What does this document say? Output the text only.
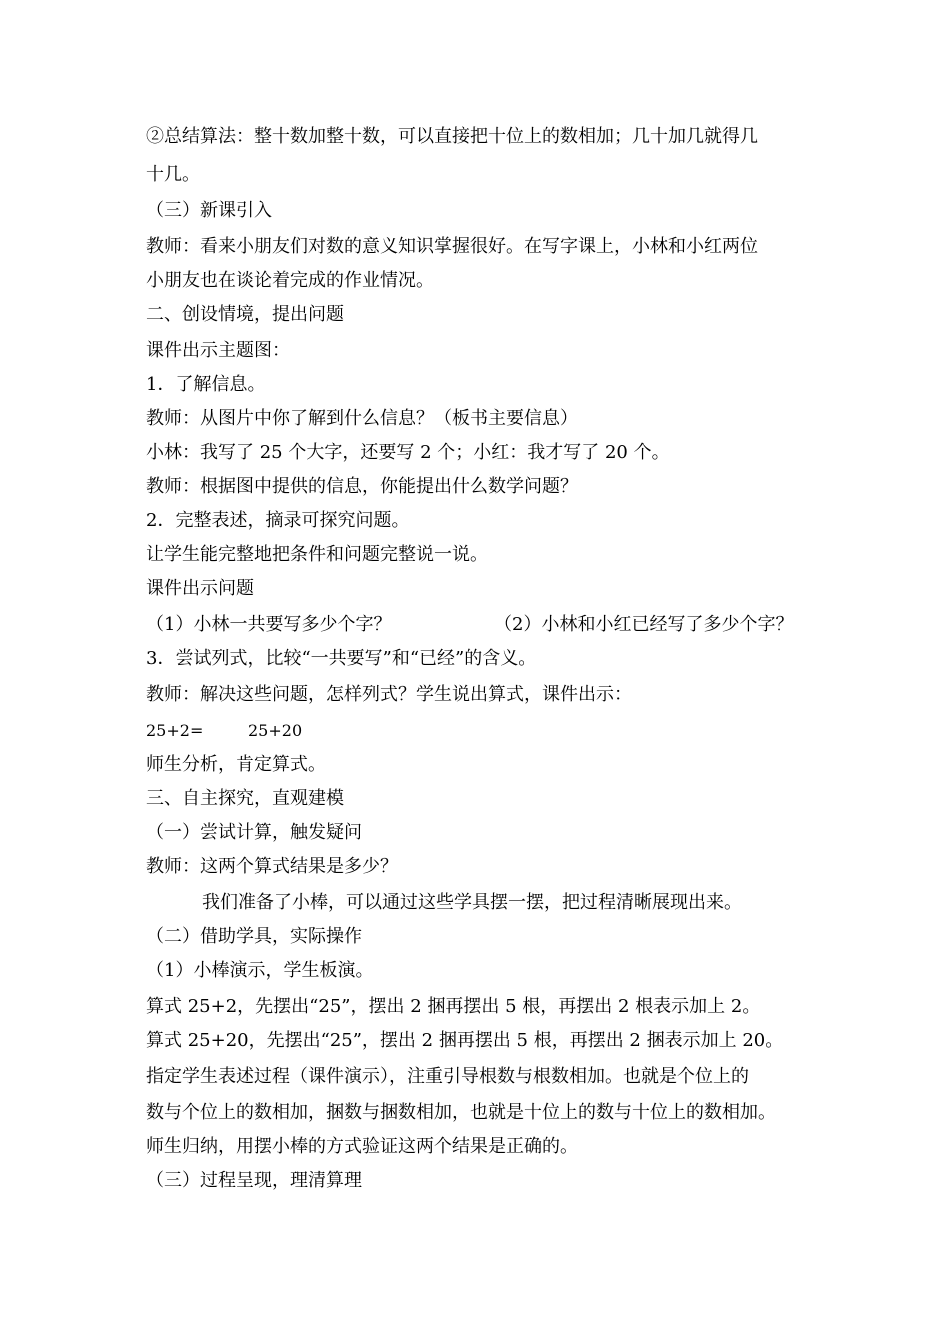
②总结算法：整十数加整十数，可以直接把十位上的数相加；几十加几就得几
十几。
（三）新课引入
教师：看来小朋友们对数的意义知识掌握很好。在写字课上，小林和小红两位
小朋友也在谈论着完成的作业情况。
二、创设情境，提出问题
课件出示主题图：
1．了解信息。
教师：从图片中你了解到什么信息？（板书主要信息）
小林：我写了 25 个大字，还要写 2 个；小红：我才写了 20 个。
教师：根据图中提供的信息，你能提出什么数学问题？
2．完整表述，摘录可探究问题。
让学生能完整地把条件和问题完整说一说。
课件出示问题
（1）小林一共要写多少个字？	（2）小林和小红已经写了多少个字？
3．尝试列式，比较“一共要写”和“已经”的含义。
教师：解决这些问题，怎样列式？学生说出算式，课件出示：
25+2=	25+20
师生分析，肯定算式。
三、自主探究，直观建模
（一）尝试计算，触发疑问
教师：这两个算式结果是多少？
我们准备了小棒，可以通过这些学具摆一摆，把过程清晰展现出来。
（二）借助学具，实际操作
（1）小棒演示，学生板演。
算式 25+2，先摆出“25”，摆出 2 捆再摆出 5 根，再摆出 2 根表示加上 2。
算式 25+20，先摆出“25”，摆出 2 捆再摆出 5 根，再摆出 2 捆表示加上 20。
指定学生表述过程（课件演示），注重引导根数与根数相加。也就是个位上的
数与个位上的数相加，捆数与捆数相加，也就是十位上的数与十位上的数相加。
师生归纳，用摆小棒的方式验证这两个结果是正确的。
（三）过程呈现，理清算理
